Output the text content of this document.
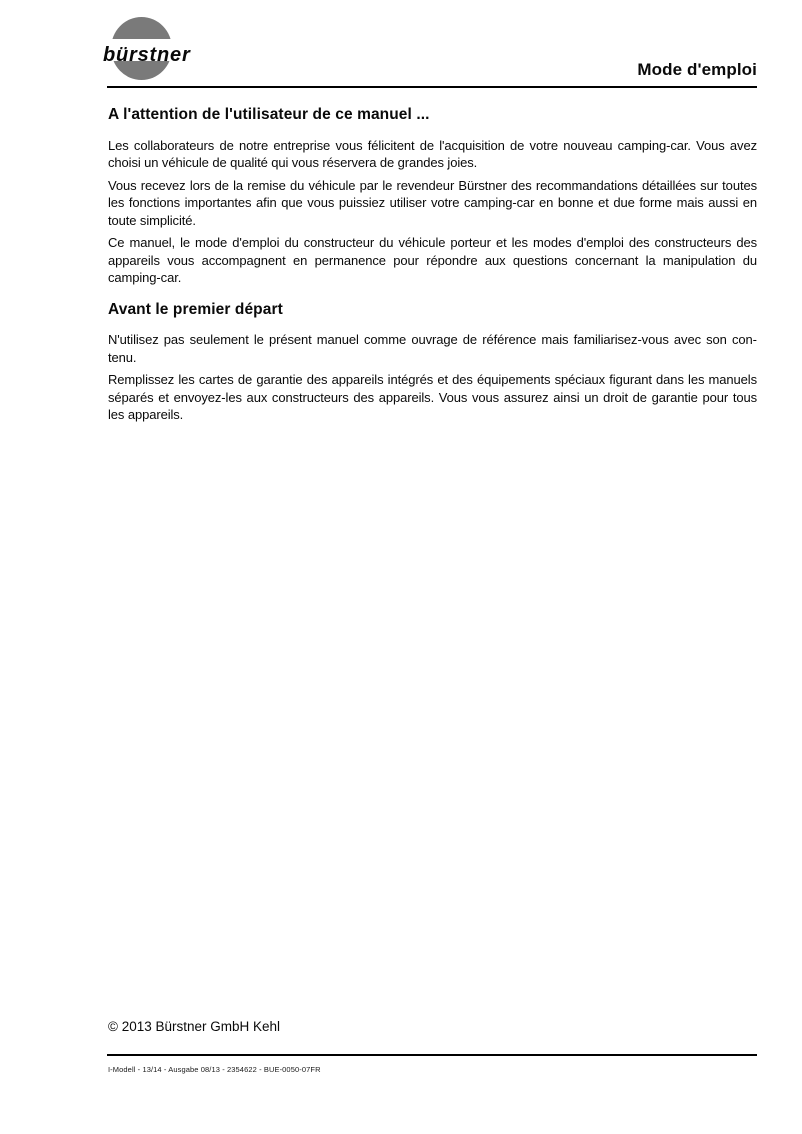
bürstner
Mode d'emploi
A l'attention de l'utilisateur de ce manuel ...

Les collaborateurs de notre entreprise vous félicitent de l'acquisition de votre nouveau camping-car. Vous avez choisi un véhicule de qualité qui vous réservera de grandes joies.

Vous recevez lors de la remise du véhicule par le revendeur Bürstner des recommandations détaillées sur toutes les fonctions importantes afin que vous puissiez utiliser votre camping-car en bonne et due forme mais aussi en toute simplicité.

Ce manuel, le mode d'emploi du constructeur du véhicule porteur et les modes d'emploi des constructeurs des appareils vous accompagnent en permanence pour répondre aux questions concernant la manipulation du camping-car.

Avant le premier départ

N'utilisez pas seulement le présent manuel comme ouvrage de référence mais familiarisez-vous avec son contenu.

Remplissez les cartes de garantie des appareils intégrés et des équipements spéciaux figurant dans les manuels séparés et envoyez-les aux constructeurs des appareils. Vous vous assurez ainsi un droit de garantie pour tous les appareils.

© 2013 Bürstner GmbH Kehl
I-Modell - 13/14 - Ausgabe 08/13 - 2354622 - BUE-0050-07FR
